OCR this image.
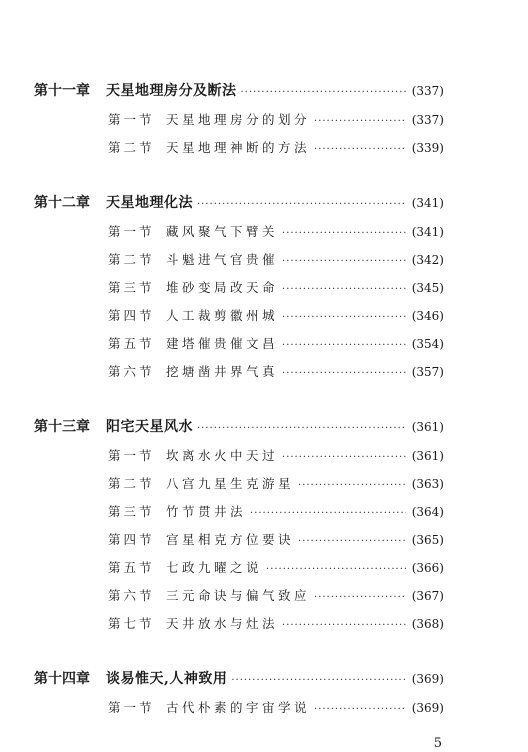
第十一章	天星地理房分及断法 ·····	(337)
第一节 天星地理房分的划分 ·····	(337)
第二节 天星地理神断的方法 ·····	(339)
第十二章	天星地理化法 ·····	(341)
第一节 藏风聚气下臂关 ·····	(341)
第二节 斗魁进气官贵催 ·····	(342)
第三节 堆砂变局改天命 ·····	(345)
第四节 人工裁剪徽州城 ·····	(346)
第五节 建塔催贵催文昌 ·····	(354)
第六节 挖塘凿井界气真 ·····	(357)
第十三章	阳宅天星风水 ·····	(361)
第一节 坎离水火中天过 ·····	(361)
第二节 八宫九星生克游星 ·····	(363)
第三节 竹节贯井法 ·····	(364)
第四节 宫星相克方位要诀 ·····	(365)
第五节 七政九曜之说 ·····	(366)
第六节 三元命诀与偏气致应 ·····	(367)
第七节 天井放水与灶法 ·····	(368)
第十四章	谈易惟天,人神致用 ·····	(369)
第一节 古代朴素的宇宙学说 ·····	(369)
5
